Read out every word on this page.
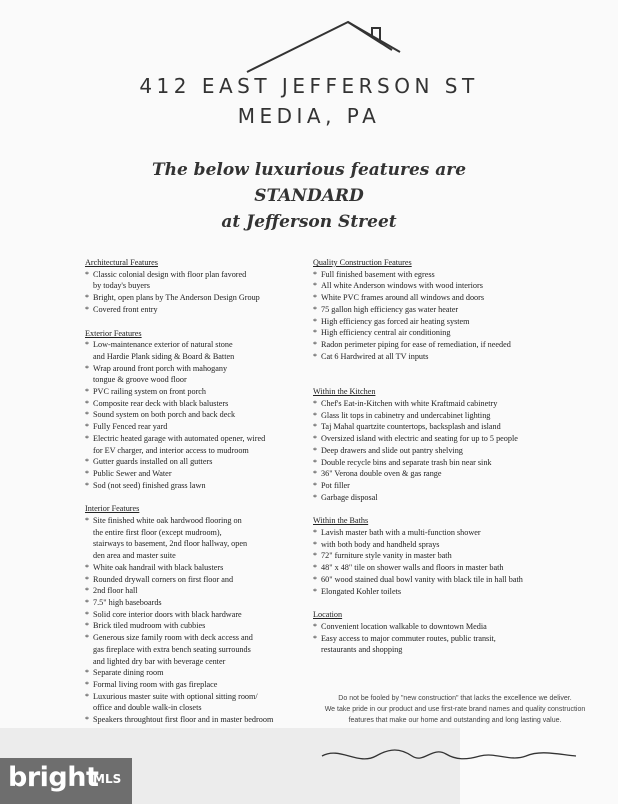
412 EAST JEFFERSON ST
MEDIA, PA
The below luxurious features are
STANDARD
at Jefferson Street

Architectural Features

* Classic colonial design with floor plan favored
by today's buyers
* Bright, open plans by The Anderson Design Group
* Covered front entry

Exterior Features

* Low-maintenance exterior of natural stone
and Hardie Plank siding & Board & Batten
* Wrap around front porch with mahogany
tongue & groove wood floor
* PVC railing system on front porch
* Composite rear deck with black balusters
* Sound system on both porch and back deck
* Fully Fenced rear yard
* Electric heated garage with automated opener, wired
for EV charger, and interior access to mudroom
* Gutter guards installed on all gutters
* Public Sewer and Water
* Sod (not seed) finished grass lawn

Interior Features

* Site finished white oak hardwood flooring on
the entire first floor (except mudroom),
stairways to basement, 2nd floor hallway, open
den area and master suite
* White oak handrail with black balusters
* Rounded drywall corners on first floor and
* 2nd floor hall
* 7.5" high baseboards
* Solid core interior doors with black hardware
* Brick tiled mudroom with cubbies
* Generous size family room with deck access and
gas fireplace with extra bench seating surrounds
and lighted dry bar with beverage center
* Separate dining room
* Formal living room with gas fireplace
* Luxurious master suite with optional sitting room/
office and double walk-in closets
* Speakers throughtout first floor and in master bedroom

Quality Construction Features

* Full finished basement with egress
* All white Anderson windows with wood interiors
* White PVC frames around all windows and doors
* 75 gallon high efficiency gas water heater
* High efficiency gas forced air heating system
* High efficiency central air conditioning
* Radon perimeter piping for ease of remediation, if needed
* Cat 6 Hardwired at all TV inputs

Within the Kitchen

* Chef's Eat-in-Kitchen with white Kraftmaid cabinetry
* Glass lit tops in cabinetry and undercabinet lighting
* Taj Mahal quartzite countertops, backsplash and island
* Oversized island with electric and seating for up to 5 people
* Deep drawers and slide out pantry shelving
* Double recycle bins and separate trash bin near sink
* 36" Verona double oven & gas range
* Pot filler
* Garbage disposal

Within the Baths

* Lavish master bath with a multi-function shower
* with both body and handheld sprays
* 72" furniture style vanity in master bath
* 48" x 48" tile on shower walls and floors in master bath
* 60" wood stained dual bowl vanity with black tile in hall bath
* Elongated Kohler toilets

Location

* Convenient location walkable to downtown Media
* Easy access to major commuter routes, public transit,
restaurants and shopping
Do not be fooled by "new construction" that lacks the excellence we deliver.
We take pride in our product and use first-rate brand names and quality construction
features that make our home and outstanding and long lasting value.
bright
MLS
